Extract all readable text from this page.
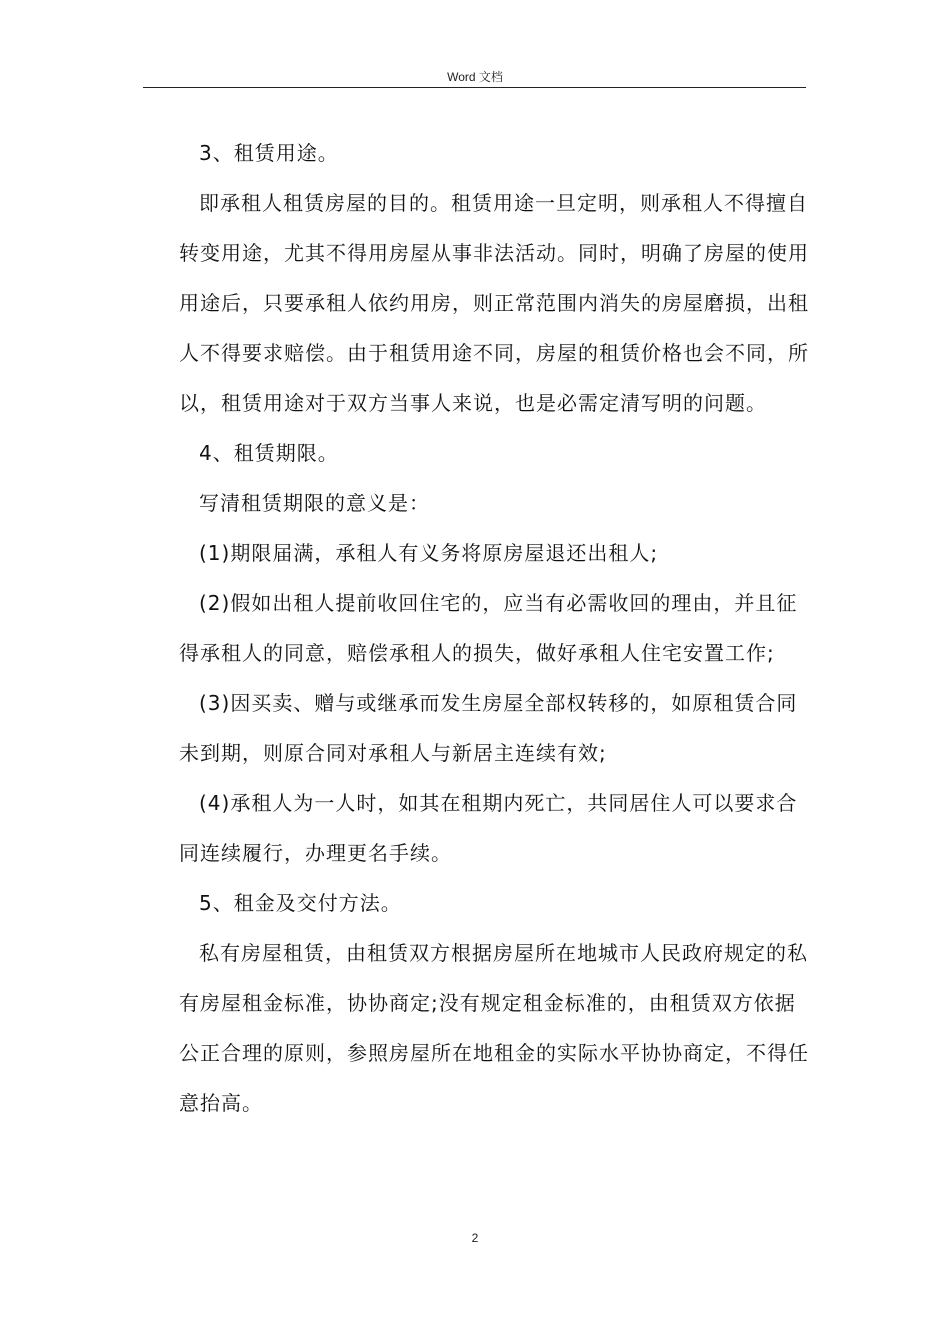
Word 文档

3、租赁用途。

即承租人租赁房屋的目的。租赁用途一旦定明，则承租人不得擅自转变用途，尤其不得用房屋从事非法活动。同时，明确了房屋的使用用途后，只要承租人依约用房，则正常范围内消失的房屋磨损，出租人不得要求赔偿。由于租赁用途不同，房屋的租赁价格也会不同，所以，租赁用途对于双方当事人来说，也是必需定清写明的问题。

4、租赁期限。

写清租赁期限的意义是：

(1)期限届满，承租人有义务将原房屋退还出租人;

(2)假如出租人提前收回住宅的，应当有必需收回的理由，并且征得承租人的同意，赔偿承租人的损失，做好承租人住宅安置工作;

(3)因买卖、赠与或继承而发生房屋全部权转移的，如原租赁合同未到期，则原合同对承租人与新居主连续有效;

(4)承租人为一人时，如其在租期内死亡，共同居住人可以要求合同连续履行，办理更名手续。

5、租金及交付方法。

私有房屋租赁，由租赁双方根据房屋所在地城市人民政府规定的私有房屋租金标准，协协商定;没有规定租金标准的，由租赁双方依据公正合理的原则，参照房屋所在地租金的实际水平协协商定，不得任意抬高。

2
